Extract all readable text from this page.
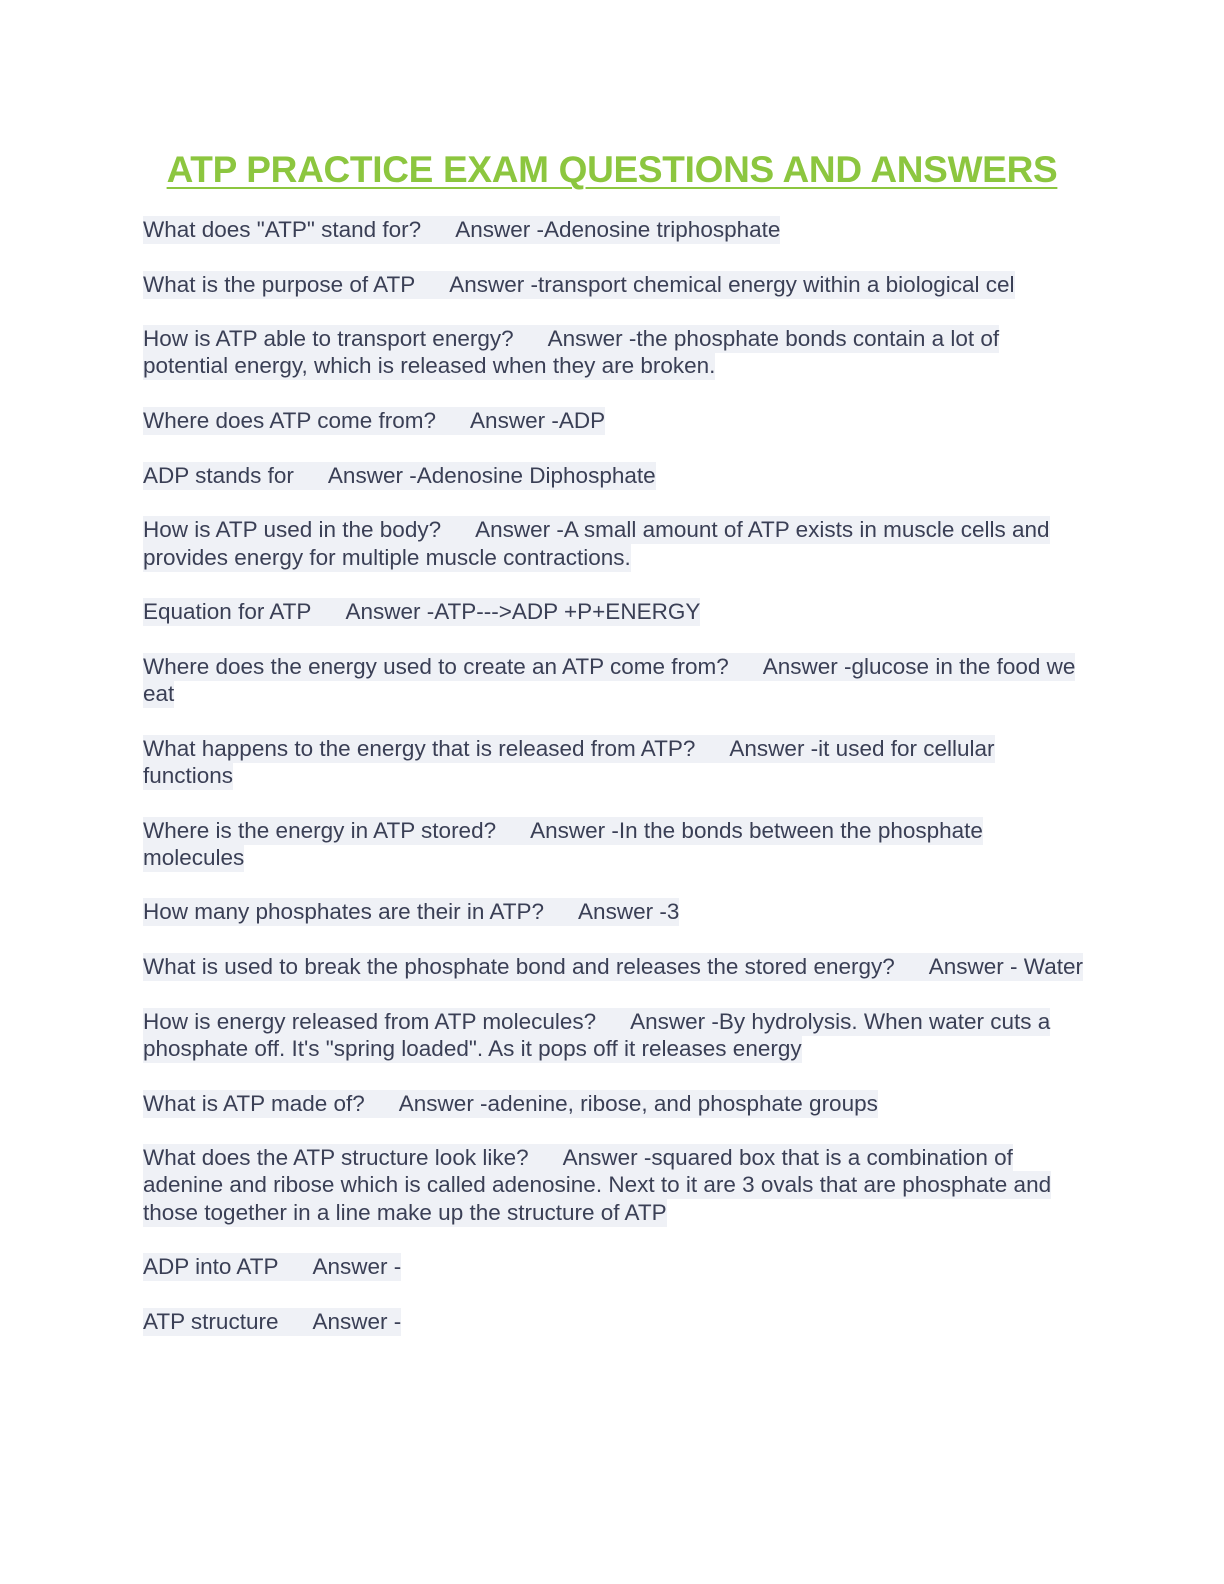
ATP PRACTICE EXAM QUESTIONS AND ANSWERS

What does "ATP" stand for? Answer -Adenosine triphosphate

What is the purpose of ATP Answer -transport chemical energy within a biological cel

How is ATP able to transport energy? Answer -the phosphate bonds contain a lot of potential energy, which is released when they are broken.

Where does ATP come from? Answer -ADP

ADP stands for Answer -Adenosine Diphosphate

How is ATP used in the body? Answer -A small amount of ATP exists in muscle cells and provides energy for multiple muscle contractions.

Equation for ATP Answer -ATP--->ADP +P+ENERGY

Where does the energy used to create an ATP come from? Answer -glucose in the food we eat

What happens to the energy that is released from ATP? Answer -it used for cellular functions

Where is the energy in ATP stored? Answer -In the bonds between the phosphate molecules

How many phosphates are their in ATP? Answer -3

What is used to break the phosphate bond and releases the stored energy? Answer - Water

How is energy released from ATP molecules? Answer -By hydrolysis. When water cuts a phosphate off. It's "spring loaded". As it pops off it releases energy

What is ATP made of? Answer -adenine, ribose, and phosphate groups

What does the ATP structure look like? Answer -squared box that is a combination of adenine and ribose which is called adenosine. Next to it are 3 ovals that are phosphate and those together in a line make up the structure of ATP

ADP into ATP Answer -

ATP structure Answer -
